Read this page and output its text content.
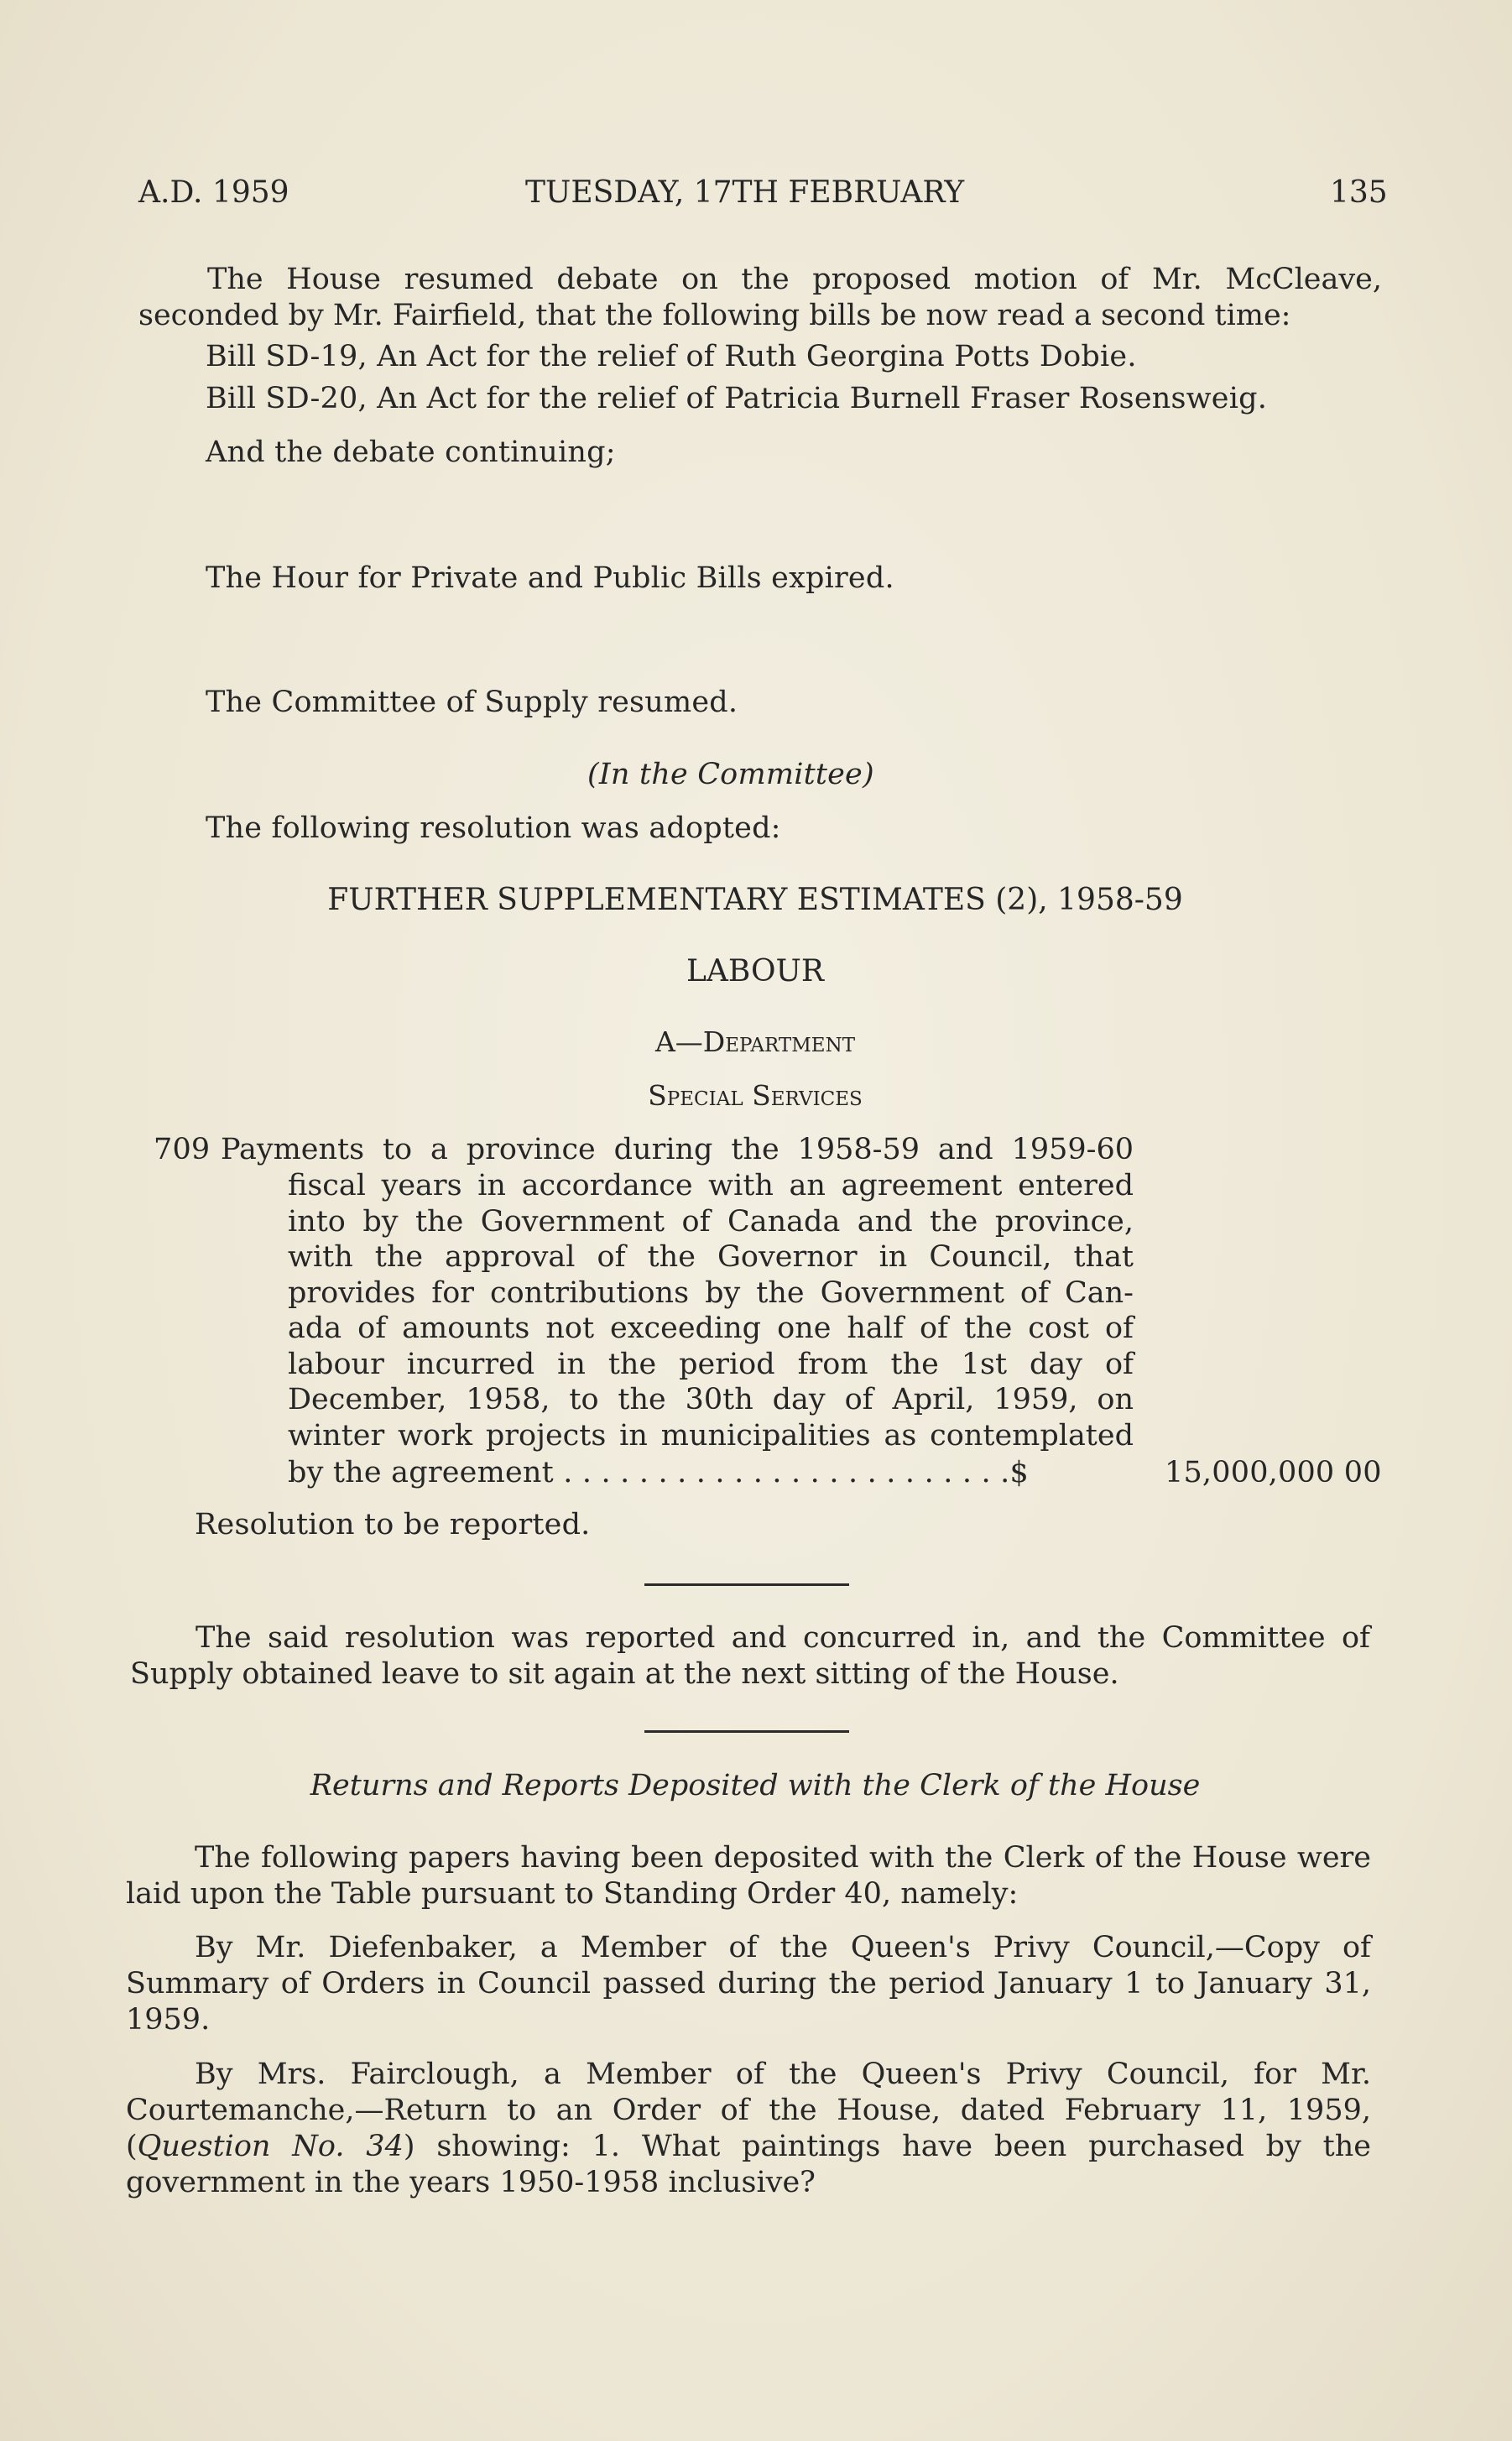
A.D. 1959	TUESDAY, 17TH FEBRUARY	135
The House resumed debate on the proposed motion of Mr. McCleave, seconded by Mr. Fairfield, that the following bills be now read a second time:
Bill SD-19, An Act for the relief of Ruth Georgina Potts Dobie.
Bill SD-20, An Act for the relief of Patricia Burnell Fraser Rosensweig.
And the debate continuing;
The Hour for Private and Public Bills expired.
The Committee of Supply resumed.
(In the Committee)
The following resolution was adopted:
FURTHER SUPPLEMENTARY ESTIMATES (2), 1958-59
LABOUR
A—Department
Special Services
709 Payments to a province during the 1958-59 and 1959-60
fiscal years in accordance with an agreement entered
into by the Government of Canada and the province,
with the approval of the Governor in Council, that
provides for contributions by the Government of Can-
ada of amounts not exceeding one half of the cost of
labour incurred in the period from the 1st day of
December, 1958, to the 30th day of April, 1959, on
winter work projects in municipalities as contemplated
by the agreement . . . . . . . . . . . . . . . . . . . . . . . .$	15,000,000 00
Resolution to be reported.
The said resolution was reported and concurred in, and the Committee of Supply obtained leave to sit again at the next sitting of the House.
Returns and Reports Deposited with the Clerk of the House
The following papers having been deposited with the Clerk of the House were laid upon the Table pursuant to Standing Order 40, namely:
By Mr. Diefenbaker, a Member of the Queen's Privy Council,—Copy of Summary of Orders in Council passed during the period January 1 to January 31, 1959.
By Mrs. Fairclough, a Member of the Queen's Privy Council, for Mr. Courtemanche,—Return to an Order of the House, dated February 11, 1959, (Question No. 34) showing: 1. What paintings have been purchased by the government in the years 1950-1958 inclusive?
